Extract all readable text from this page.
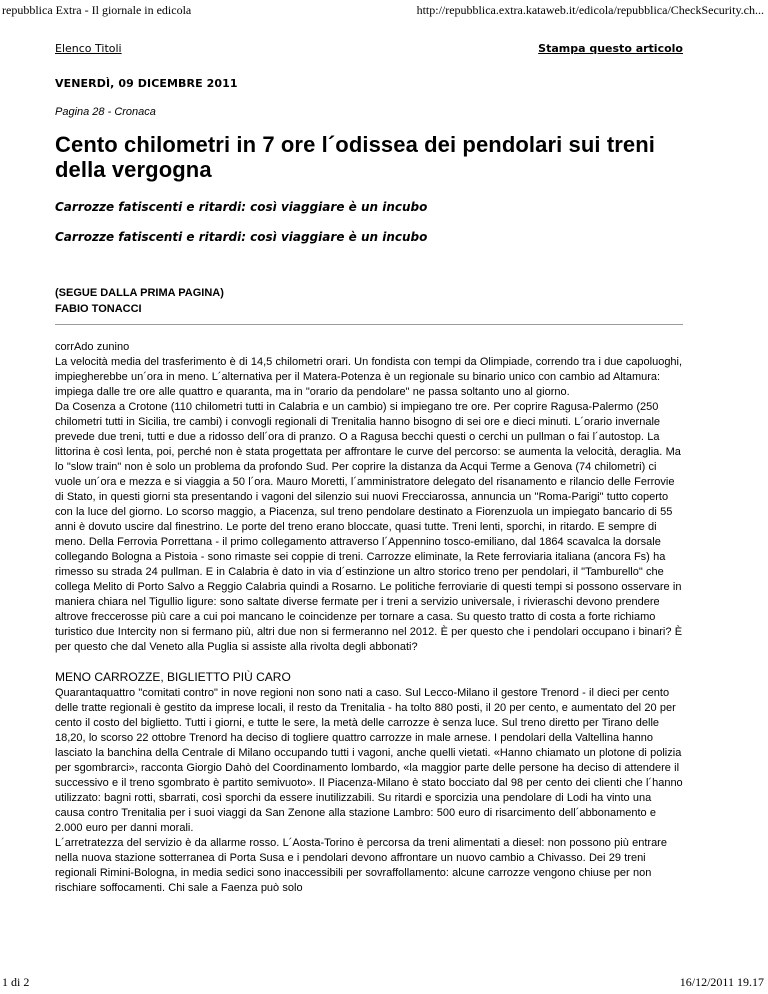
repubblica Extra - Il giornale in edicola	http://repubblica.extra.kataweb.it/edicola/repubblica/CheckSecurity.ch...
Elenco Titoli	Stampa questo articolo
VENERDÌ, 09 DICEMBRE 2011
Pagina 28 - Cronaca
Cento chilometri in 7 ore l´odissea dei pendolari sui treni della vergogna
Carrozze fatiscenti e ritardi: così viaggiare è un incubo
Carrozze fatiscenti e ritardi: così viaggiare è un incubo
(SEGUE DALLA PRIMA PAGINA)
FABIO TONACCI

corrAdo zunino

La velocità media del trasferimento è di 14,5 chilometri orari. Un fondista con tempi da Olimpiade, correndo tra i due capoluoghi, impiegherebbe un´ora in meno. L´alternativa per il Matera-Potenza è un regionale su binario unico con cambio ad Altamura: impiega dalle tre ore alle quattro e quaranta, ma in "orario da pendolare" ne passa soltanto uno al giorno.

Da Cosenza a Crotone (110 chilometri tutti in Calabria e un cambio) si impiegano tre ore. Per coprire Ragusa-Palermo (250 chilometri tutti in Sicilia, tre cambi) i convogli regionali di Trenitalia hanno bisogno di sei ore e dieci minuti. L´orario invernale prevede due treni, tutti e due a ridosso dell´ora di pranzo. O a Ragusa becchi questi o cerchi un pullman o fai l´autostop. La littorina è così lenta, poi, perché non è stata progettata per affrontare le curve del percorso: se aumenta la velocità, deraglia. Ma lo "slow train" non è solo un problema da profondo Sud. Per coprire la distanza da Acqui Terme a Genova (74 chilometri) ci vuole un´ora e mezza e si viaggia a 50 l´ora. Mauro Moretti, l´amministratore delegato del risanamento e rilancio delle Ferrovie di Stato, in questi giorni sta presentando i vagoni del silenzio sui nuovi Frecciarossa, annuncia un "Roma-Parigi" tutto coperto con la luce del giorno. Lo scorso maggio, a Piacenza, sul treno pendolare destinato a Fiorenzuola un impiegato bancario di 55 anni è dovuto uscire dal finestrino. Le porte del treno erano bloccate, quasi tutte. Treni lenti, sporchi, in ritardo. E sempre di meno. Della Ferrovia Porrettana - il primo collegamento attraverso l´Appennino tosco-emiliano, dal 1864 scavalca la dorsale collegando Bologna a Pistoia - sono rimaste sei coppie di treni. Carrozze eliminate, la Rete ferroviaria italiana (ancora Fs) ha rimesso su strada 24 pullman. E in Calabria è dato in via d´estinzione un altro storico treno per pendolari, il "Tamburello" che collega Melito di Porto Salvo a Reggio Calabria quindi a Rosarno. Le politiche ferroviarie di questi tempi si possono osservare in maniera chiara nel Tigullio ligure: sono saltate diverse fermate per i treni a servizio universale, i rivieraschi devono prendere altrove freccerosse più care a cui poi mancano le coincidenze per tornare a casa. Su questo tratto di costa a forte richiamo turistico due Intercity non si fermano più, altri due non si fermeranno nel 2012. È per questo che i pendolari occupano i binari? È per questo che dal Veneto alla Puglia si assiste alla rivolta degli abbonati?

MENO CARROZZE, BIGLIETTO PIÙ CARO

Quarantaquattro "comitati contro" in nove regioni non sono nati a caso. Sul Lecco-Milano il gestore Trenord - il dieci per cento delle tratte regionali è gestito da imprese locali, il resto da Trenitalia - ha tolto 880 posti, il 20 per cento, e aumentato del 20 per cento il costo del biglietto. Tutti i giorni, e tutte le sere, la metà delle carrozze è senza luce. Sul treno diretto per Tirano delle 18,20, lo scorso 22 ottobre Trenord ha deciso di togliere quattro carrozze in male arnese. I pendolari della Valtellina hanno lasciato la banchina della Centrale di Milano occupando tutti i vagoni, anche quelli vietati. «Hanno chiamato un plotone di polizia per sgombrarci», racconta Giorgio Dahò del Coordinamento lombardo, «la maggior parte delle persone ha deciso di attendere il successivo e il treno sgombrato è partito semivuoto». Il Piacenza-Milano è stato bocciato dal 98 per cento dei clienti che l´hanno utilizzato: bagni rotti, sbarrati, così sporchi da essere inutilizzabili. Su ritardi e sporcizia una pendolare di Lodi ha vinto una causa contro Trenitalia per i suoi viaggi da San Zenone alla stazione Lambro: 500 euro di risarcimento dell´abbonamento e 2.000 euro per danni morali.

L´arretratezza del servizio è da allarme rosso. L´Aosta-Torino è percorsa da treni alimentati a diesel: non possono più entrare nella nuova stazione sotterranea di Porta Susa e i pendolari devono affrontare un nuovo cambio a Chivasso. Dei 29 treni regionali Rimini-Bologna, in media sedici sono inaccessibili per sovraffollamento: alcune carrozze vengono chiuse per non rischiare soffocamenti. Chi sale a Faenza può solo

1 di 2	16/12/2011 19.17
